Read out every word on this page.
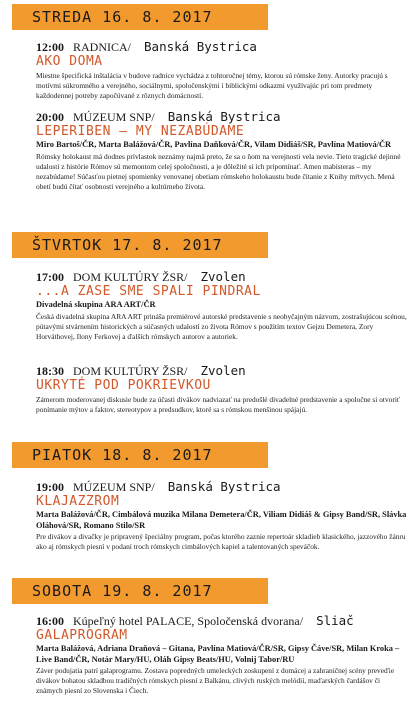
STREDA 16. 8. 2017
12:00 RADNICA/ Banská Bystrica
AKO DOMA
Miestne špecifická inštalácia v budove radnice vychádza z tohtoročnej témy, ktorou sú rómske ženy. Autorky pracujú s motívmi súkromného a verejného, sociálnymi, spoločenskými i biblickými odkazmi využívajúc pri tom predmety každodennej potreby započúvané z rôznych domácností.
20:00 MÚZEUM SNP/ Banská Bystrica
LEPERIBEN – MY NEZABÚDAME
Miro Bartoš/ČR, Marta Balážová/ČR, Pavlína Daňková/ČR, Vilam Didiáš/SR, Pavlína Matiová/ČR
Rómsky holokaust má dodnes prívlastok neznámy najmä preto, že sa o ňom na verejnosti vela nevie. Tieto tragické dejinné udalosti z histórie Rómov sú memontom celej spoločnosti, a je dôležité si ich pripomínať. Amen mabisteras – my nezabúdame! Súčasťou pietnej spomienky venovanej obetiam rómskeho holokaustu bude čítanie z Knihy mŕtvych. Mená obetí budú čítať osobnosti verejného a kultúrneho života.
ŠTVRTOK 17. 8. 2017
17:00 DOM KULTÚRY ŽSR/ Zvolen
...A ZASE SME SPALI PINDRAL
Divadelná skupina ARA ART/ČR
Česká divadelná skupina ARA ART prináša premiérové autorské predstavenie s neobyčajným názvom, zostrašujúcou scénou, pútavými stvárnením historických a súčasných udalostí zo života Rómov s použitím textov Gejzu Demetera, Zory Horváthovej, Ilony Ferkovej a ďalších rómskych autorov a autoriek.
18:30 DOM KULTÚRY ŽSR/ Zvolen
UKRYTÉ POD POKRIEVKOU
Zámerom moderovanej diskusie bude za účasti divákov nadviazať na predošlé divadelné predstavenie a spoločne si otvoriť ponímanie mýtov a faktov, stereotypov a predsudkov, ktoré sa s rómskou menšinou spájajú.
PIATOK 18. 8. 2017
19:00 MÚZEUM SNP/ Banská Bystrica
KLAJAZZROM
Marta Balážová/ČR, Cimbálová muzika Milana Demetera/ČR, Viliam Didiáš & Gipsy Band/SR, Slávka Oláhová/SR, Romano Stilo/SR
Pre divákov a divačky je pripravený špeciálny program, počas ktorého zaznie repertoár skladieb klasického, jazzového žánru ako aj rómskych piesní v podaní troch rómskych cimbálových kapiel a talentovaných speváčok.
SOBOTA 19. 8. 2017
16:00 Kúpeľný hotel PALACE, Spoločenská dvorana/ Sliač
GALAPROGRAM
Marta Balážová, Adriana Draňová – Gitana, Pavlína Matiová/ČR/SR, Gipsy Čáve/SR, Milan Kroka – Live Band/ČR, Notár Mary/HU, Oláh Gipsy Beats/HU, Volnij Tabor/RU
Záver podujatia patrí galaprogramu. Zostava popredných umeleckých zoskupení z domácej a zahraničnej scény preveďie divákov bohatou skladbou tradičných rómskych piesní z Balkánu, clivých ruských melódií, maďarských čardášov či známych piesní zo Slovenska i Čiech.
